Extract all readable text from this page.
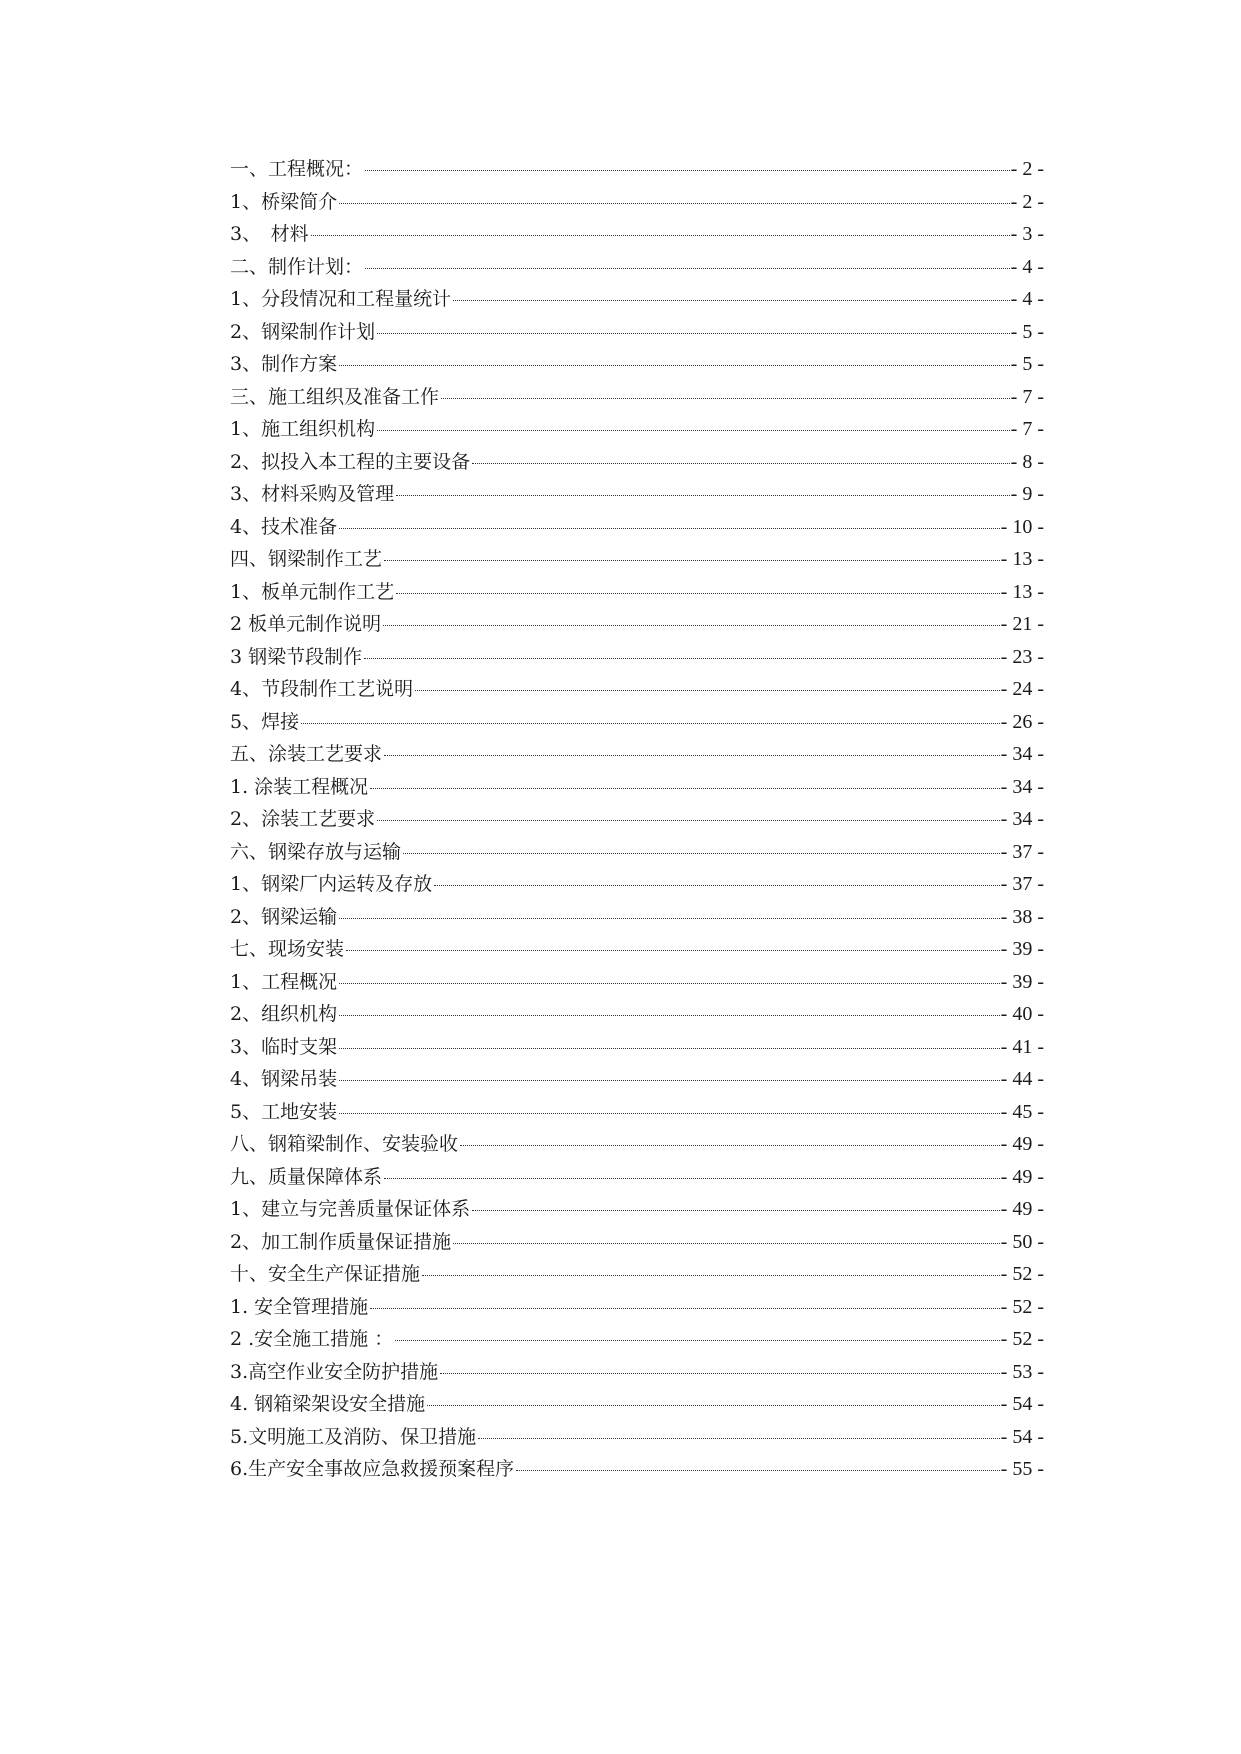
一、工程概况：	- 2 -
1、桥梁简介	- 2 -
3、　材料	- 3 -
二、制作计划：	- 4 -
1、分段情况和工程量统计	- 4 -
2、钢梁制作计划	- 5 -
3、制作方案	- 5 -
三、施工组织及准备工作	- 7 -
1、施工组织机构	- 7 -
2、拟投入本工程的主要设备	- 8 -
3、材料采购及管理	- 9 -
4、技术准备	- 10 -
四、钢梁制作工艺	- 13 -
1、板单元制作工艺	- 13 -
2 板单元制作说明	- 21 -
3 钢梁节段制作	- 23 -
4、节段制作工艺说明	- 24 -
5、焊接	- 26 -
五、涂装工艺要求	- 34 -
1. 涂装工程概况	- 34 -
2、涂装工艺要求	- 34 -
六、钢梁存放与运输	- 37 -
1、钢梁厂内运转及存放	- 37 -
2、钢梁运输	- 38 -
七、现场安装	- 39 -
1、工程概况	- 39 -
2、组织机构	- 40 -
3、临时支架	- 41 -
4、钢梁吊装	- 44 -
5、工地安装	- 45 -
八、钢箱梁制作、安装验收	- 49 -
九、质量保障体系	- 49 -
1、建立与完善质量保证体系	- 49 -
2、加工制作质量保证措施	- 50 -
十、安全生产保证措施	- 52 -
1. 安全管理措施	- 52 -
2 .安全施工措施 ：	- 52 -
3.高空作业安全防护措施	- 53 -
4. 钢箱梁架设安全措施	- 54 -
5.文明施工及消防、保卫措施	- 54 -
6.生产安全事故应急救援预案程序	- 55 -
